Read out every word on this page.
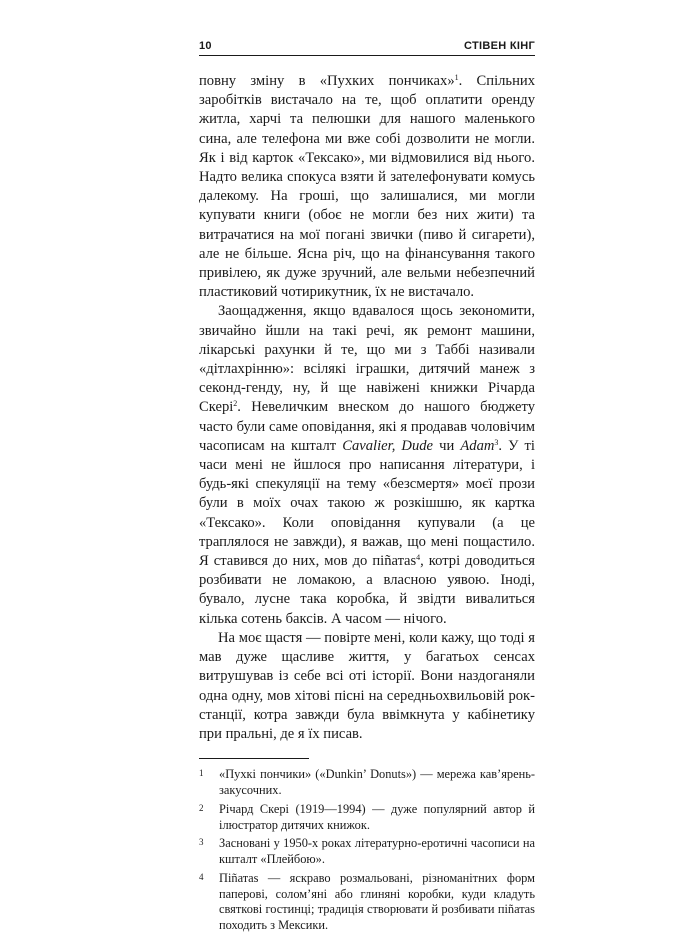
10	СТІВЕН КІНГ

повну зміну в «Пухких пончиках»$^1$. Спільних заробітків вистачало на те, щоб оплатити оренду житла, харчі та пелюшки для нашого маленького сина, але телефона ми вже собі дозволити не могли. Як і від карток «Тексако», ми відмовилися від нього. Надто велика спокуса взяти й зателефонувати комусь далекому. На гроші, що залишалися, ми могли купувати книги (обоє не могли без них жити) та витрачатися на мої погані звички (пиво й сигарети), але не більше. Ясна річ, що на фінансування такого привілею, як дуже зручний, але вельми небезпечний пластиковий чотирикутник, їх не вистачало.

Заощадження, якщо вдавалося щось зекономити, звичайно йшли на такі речі, як ремонт машини, лікарські рахунки й те, що ми з Таббі називали «дітлахрінню»: всілякі іграшки, дитячий манеж з секонд-генду, ну, й ще навіжені книжки Річарда Скері$^2$. Невеличким внеском до нашого бюджету часто були саме оповідання, які я продавав чоловічим часописам на кшталт Cavalier, Dude чи Adam$^3$. У ті часи мені не йшлося про написання літератури, і будь-які спекуляції на тему «безсмертя» моєї прози були в моїх очах такою ж розкішшю, як картка «Тексако». Коли оповідання купували (а це траплялося не завжди), я важав, що мені пощастило. Я ставився до них, мов до піñатas$^4$, котрі доводиться розбивати не ломакою, а власною уявою. Іноді, бувало, лусне така коробка, й звідти вивалиться кілька сотень баксів. А часом — нічого.

На моє щастя — повірте мені, коли кажу, що тоді я мав дуже щасливе життя, у багатьох сенсах витрушував із себе всі оті історії. Вони наздоганяли одна одну, мов хітові пісні на середньохвильовій рок-станції, котра завжди була ввімкнута у кабінетику при пральні, де я їх писав.

1	«Пухкі пончики» («Dunkin’ Donuts») — мережа кав’ярень-закусочних.
2	Річард Скері (1919—1994) — дуже популярний автор й ілюстратор дитячих книжок.
3	Засновані у 1950-х роках літературно-еротичні часописи на кшталт «Плейбою».
4	Піñатas — яскраво розмальовані, різноманітних форм паперові, солом’яні або глиняні коробки, куди кладуть святкові гостинці; традиція створювати й розбивати піñатas походить з Мексики.
